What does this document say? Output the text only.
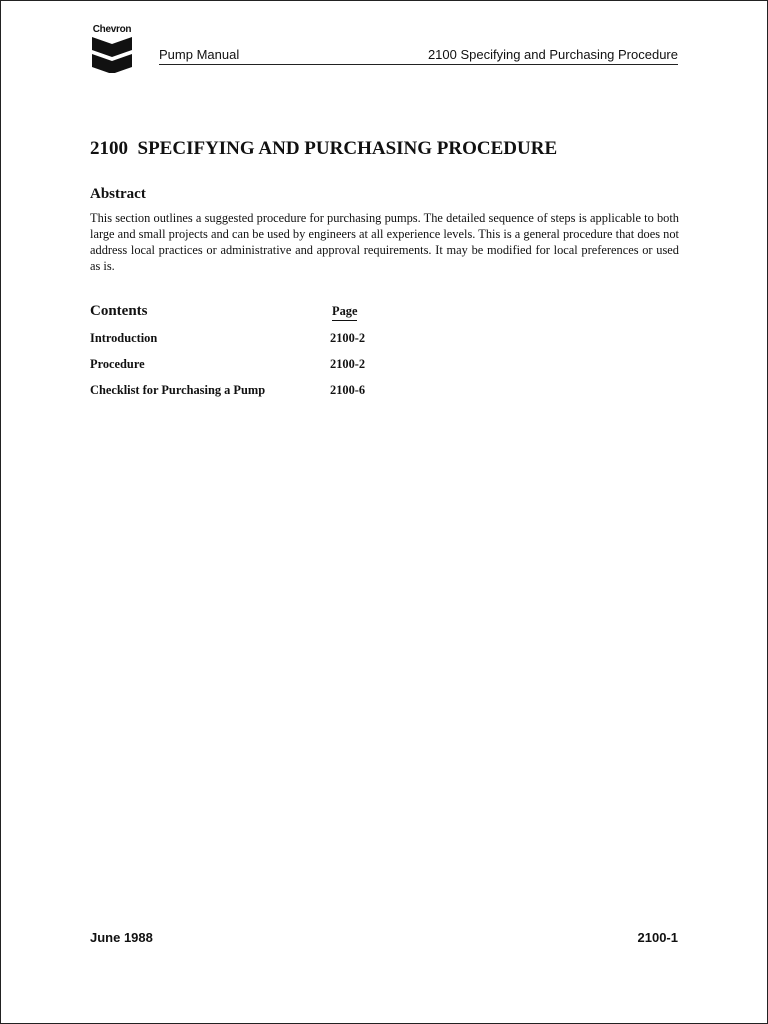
Chevron
Pump Manual	2100 Specifying and Purchasing Procedure
2100  SPECIFYING AND PURCHASING PROCEDURE
Abstract
This section outlines a suggested procedure for purchasing pumps. The detailed sequence of steps is applicable to both large and small projects and can be used by engineers at all experience levels. This is a general procedure that does not address local practices or administrative and approval requirements. It may be modified for local preferences or used as is.
Contents	Page
Introduction	2100-2
Procedure	2100-2
Checklist for Purchasing a Pump	2100-6
June 1988	2100-1
